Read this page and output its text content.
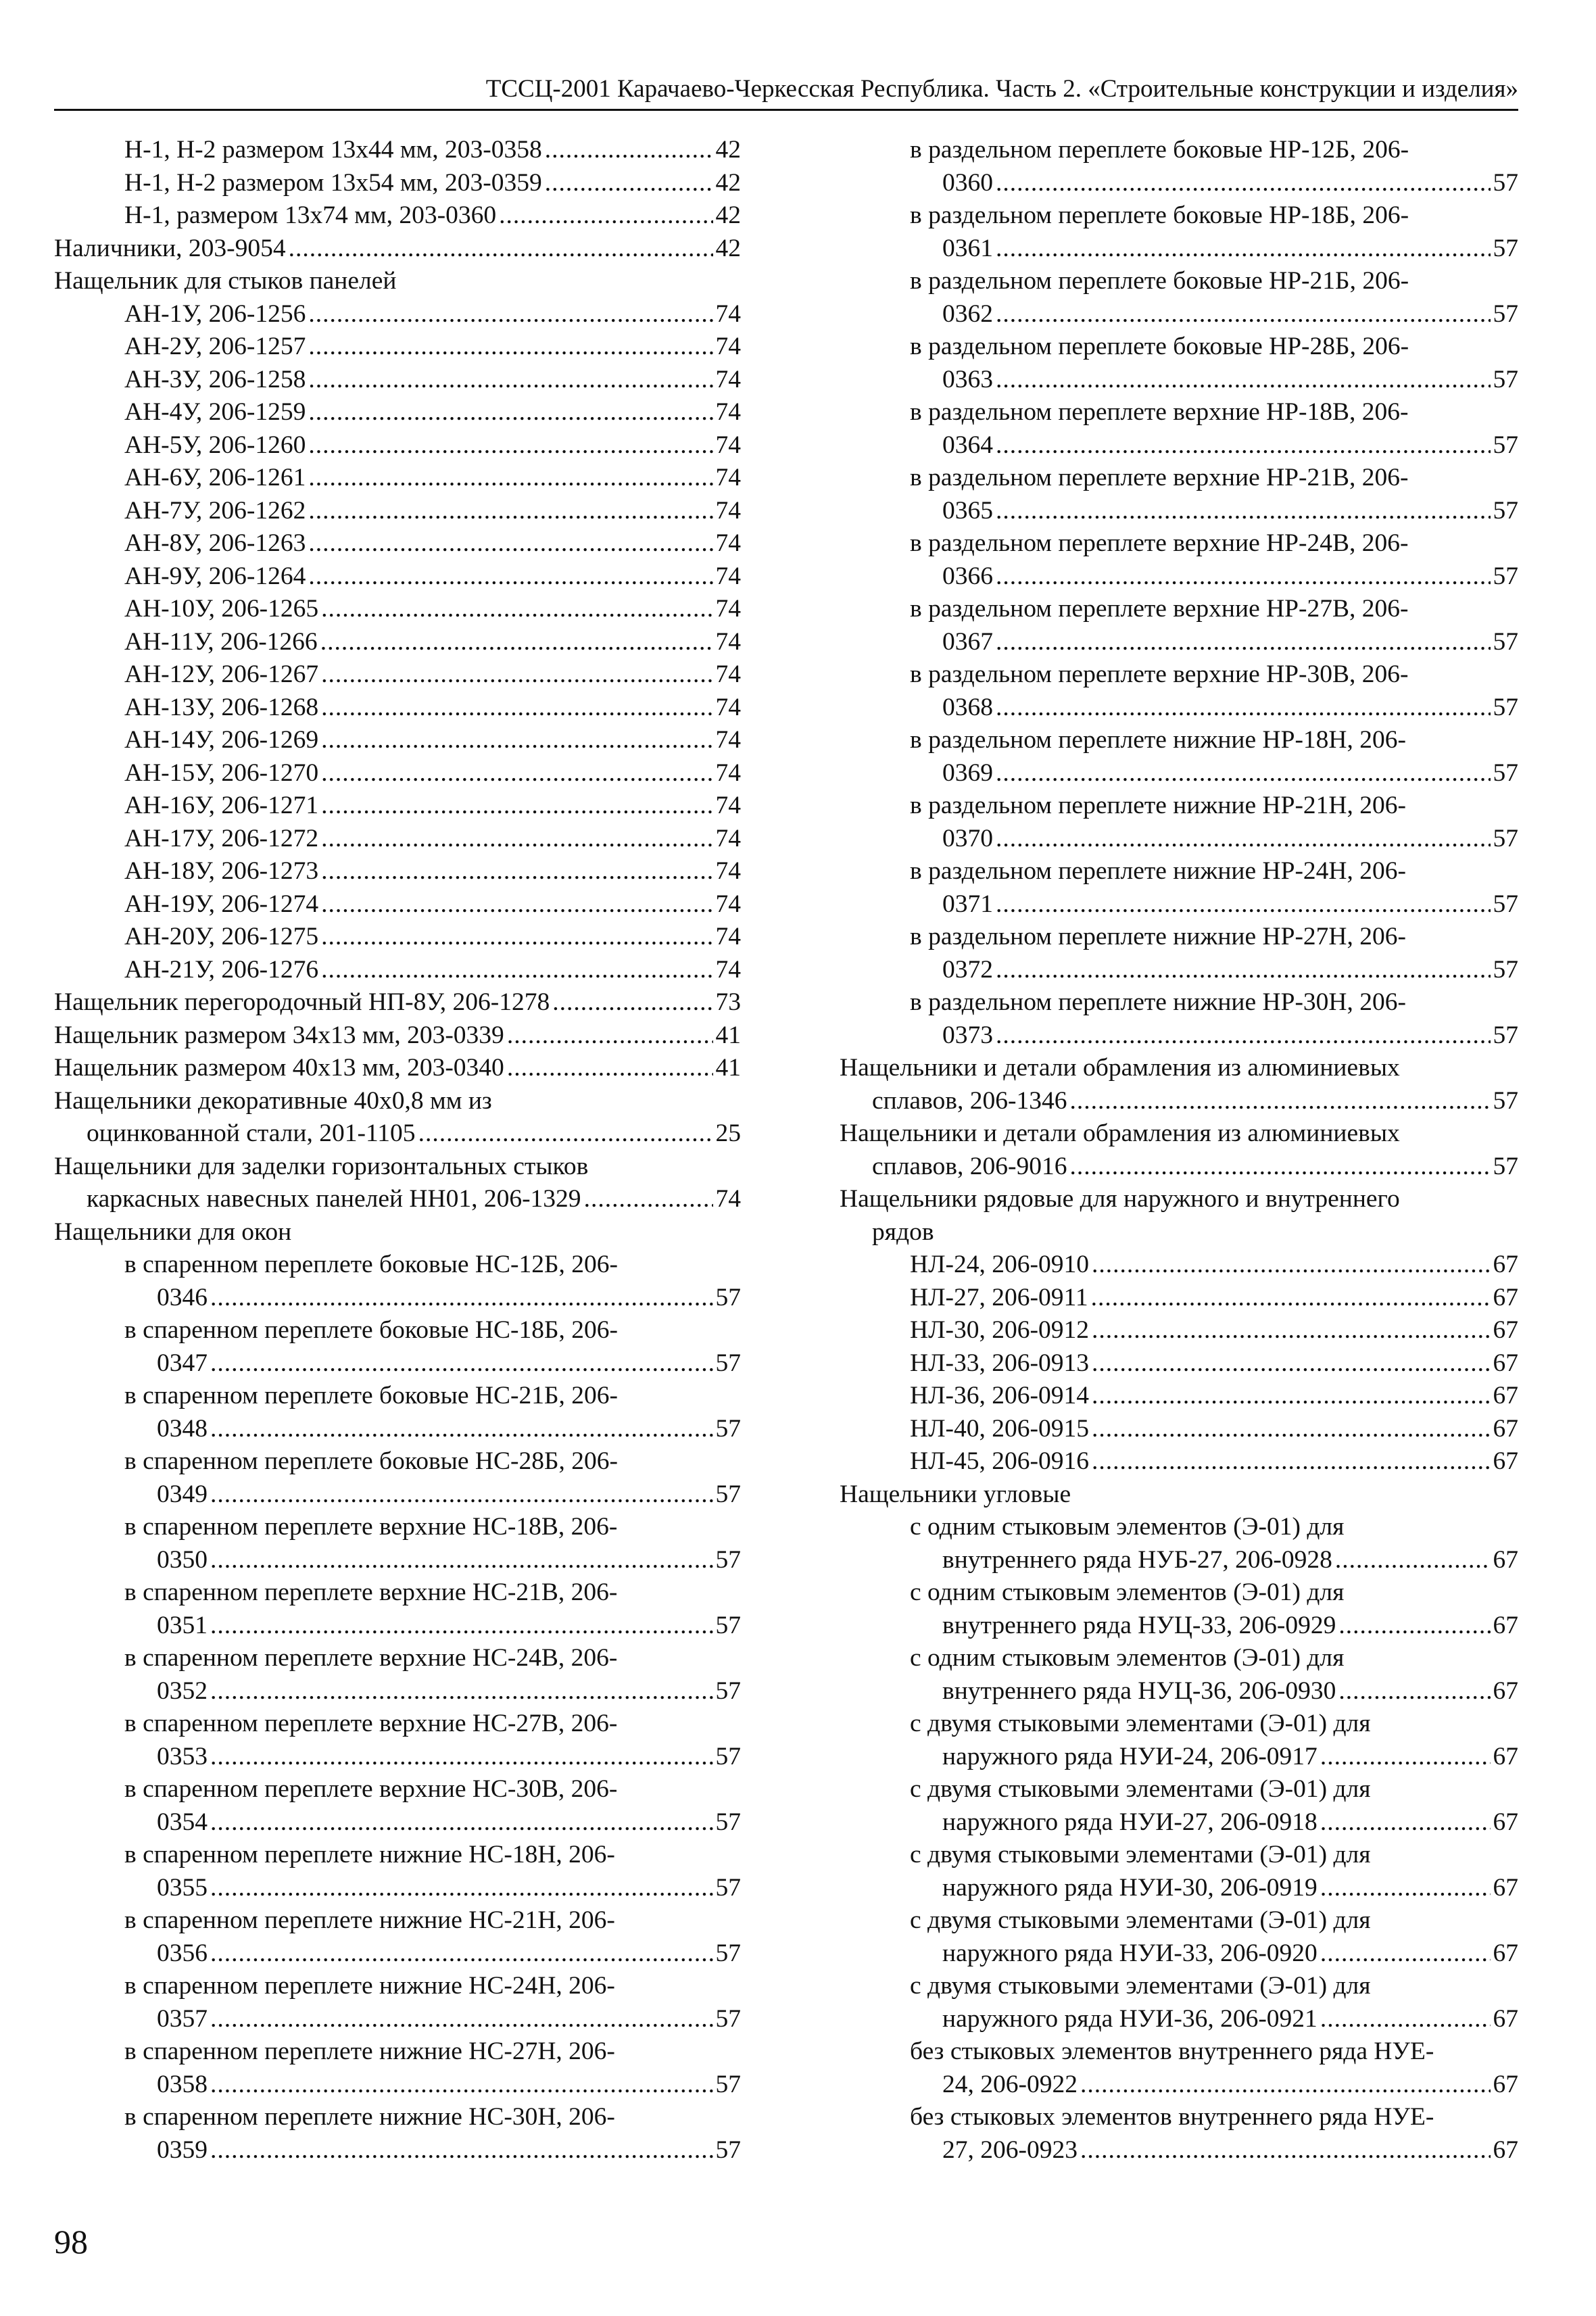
ТССЦ-2001 Карачаево-Черкесская Республика. Часть 2. «Строительные конструкции и изделия»
Н-1, Н-2 размером 13х44 мм, 203-0358 .....	42
Н-1, Н-2 размером 13х54 мм, 203-0359 .....	42
Н-1, размером 13х74 мм, 203-0360 .....	42
Наличники, 203-9054 .....	42
Нащельник для стыков панелей
АН-1У, 206-1256 .....	74
АН-2У, 206-1257 .....	74
АН-3У, 206-1258 .....	74
АН-4У, 206-1259 .....	74
АН-5У, 206-1260 .....	74
АН-6У, 206-1261 .....	74
АН-7У, 206-1262 .....	74
АН-8У, 206-1263 .....	74
АН-9У, 206-1264 .....	74
АН-10У, 206-1265 .....	74
АН-11У, 206-1266 .....	74
АН-12У, 206-1267 .....	74
АН-13У, 206-1268 .....	74
АН-14У, 206-1269 .....	74
АН-15У, 206-1270 .....	74
АН-16У, 206-1271 .....	74
АН-17У, 206-1272 .....	74
АН-18У, 206-1273 .....	74
АН-19У, 206-1274 .....	74
АН-20У, 206-1275 .....	74
АН-21У, 206-1276 .....	74
Нащельник перегородочный НП-8У, 206-1278 .....	73
Нащельник размером 34х13 мм, 203-0339 .....	41
Нащельник размером 40х13 мм, 203-0340 .....	41
Нащельники декоративные 40х0,8 мм из
оцинкованной стали, 201-1105 .....	25
Нащельники для заделки горизонтальных стыков
каркасных навесных панелей НН01, 206-1329 .....	74
Нащельники для окон
в спаренном переплете боковые НС-12Б, 206-
0346 .....	57
в спаренном переплете боковые НС-18Б, 206-
0347 .....	57
в спаренном переплете боковые НС-21Б, 206-
0348 .....	57
в спаренном переплете боковые НС-28Б, 206-
0349 .....	57
в спаренном переплете верхние НС-18В, 206-
0350 .....	57
в спаренном переплете верхние НС-21В, 206-
0351 .....	57
в спаренном переплете верхние НС-24В, 206-
0352 .....	57
в спаренном переплете верхние НС-27В, 206-
0353 .....	57
в спаренном переплете верхние НС-30В, 206-
0354 .....	57
в спаренном переплете нижние НС-18Н, 206-
0355 .....	57
в спаренном переплете нижние НС-21Н, 206-
0356 .....	57
в спаренном переплете нижние НС-24Н, 206-
0357 .....	57
в спаренном переплете нижние НС-27Н, 206-
0358 .....	57
в спаренном переплете нижние НС-30Н, 206-
0359 .....	57
в раздельном переплете боковые НР-12Б, 206-
0360 .....	57
в раздельном переплете боковые НР-18Б, 206-
0361 .....	57
в раздельном переплете боковые НР-21Б, 206-
0362 .....	57
в раздельном переплете боковые НР-28Б, 206-
0363 .....	57
в раздельном переплете верхние НР-18В, 206-
0364 .....	57
в раздельном переплете верхние НР-21В, 206-
0365 .....	57
в раздельном переплете верхние НР-24В, 206-
0366 .....	57
в раздельном переплете верхние НР-27В, 206-
0367 .....	57
в раздельном переплете верхние НР-30В, 206-
0368 .....	57
в раздельном переплете нижние НР-18Н, 206-
0369 .....	57
в раздельном переплете нижние НР-21Н, 206-
0370 .....	57
в раздельном переплете нижние НР-24Н, 206-
0371 .....	57
в раздельном переплете нижние НР-27Н, 206-
0372 .....	57
в раздельном переплете нижние НР-30Н, 206-
0373 .....	57
Нащельники и детали обрамления из алюминиевых
сплавов, 206-1346 .....	57
Нащельники и детали обрамления из алюминиевых
сплавов, 206-9016 .....	57
Нащельники рядовые для наружного и внутреннего
рядов
НЛ-24, 206-0910 .....	67
НЛ-27, 206-0911 .....	67
НЛ-30, 206-0912 .....	67
НЛ-33, 206-0913 .....	67
НЛ-36, 206-0914 .....	67
НЛ-40, 206-0915 .....	67
НЛ-45, 206-0916 .....	67
Нащельники угловые
с одним стыковым элементов (Э-01) для
внутреннего ряда НУБ-27, 206-0928 .....	67
с одним стыковым элементов (Э-01) для
внутреннего ряда НУЦ-33, 206-0929 .....	67
с одним стыковым элементов (Э-01) для
внутреннего ряда НУЦ-36, 206-0930 .....	67
с двумя стыковыми элементами (Э-01) для
наружного ряда НУИ-24, 206-0917 .....	67
с двумя стыковыми элементами (Э-01) для
наружного ряда НУИ-27, 206-0918 .....	67
с двумя стыковыми элементами (Э-01) для
наружного ряда НУИ-30, 206-0919 .....	67
с двумя стыковыми элементами (Э-01) для
наружного ряда НУИ-33, 206-0920 .....	67
с двумя стыковыми элементами (Э-01) для
наружного ряда НУИ-36, 206-0921 .....	67
без стыковых элементов внутреннего ряда НУЕ-
24, 206-0922 .....	67
без стыковых элементов внутреннего ряда НУЕ-
27, 206-0923 .....	67
98
